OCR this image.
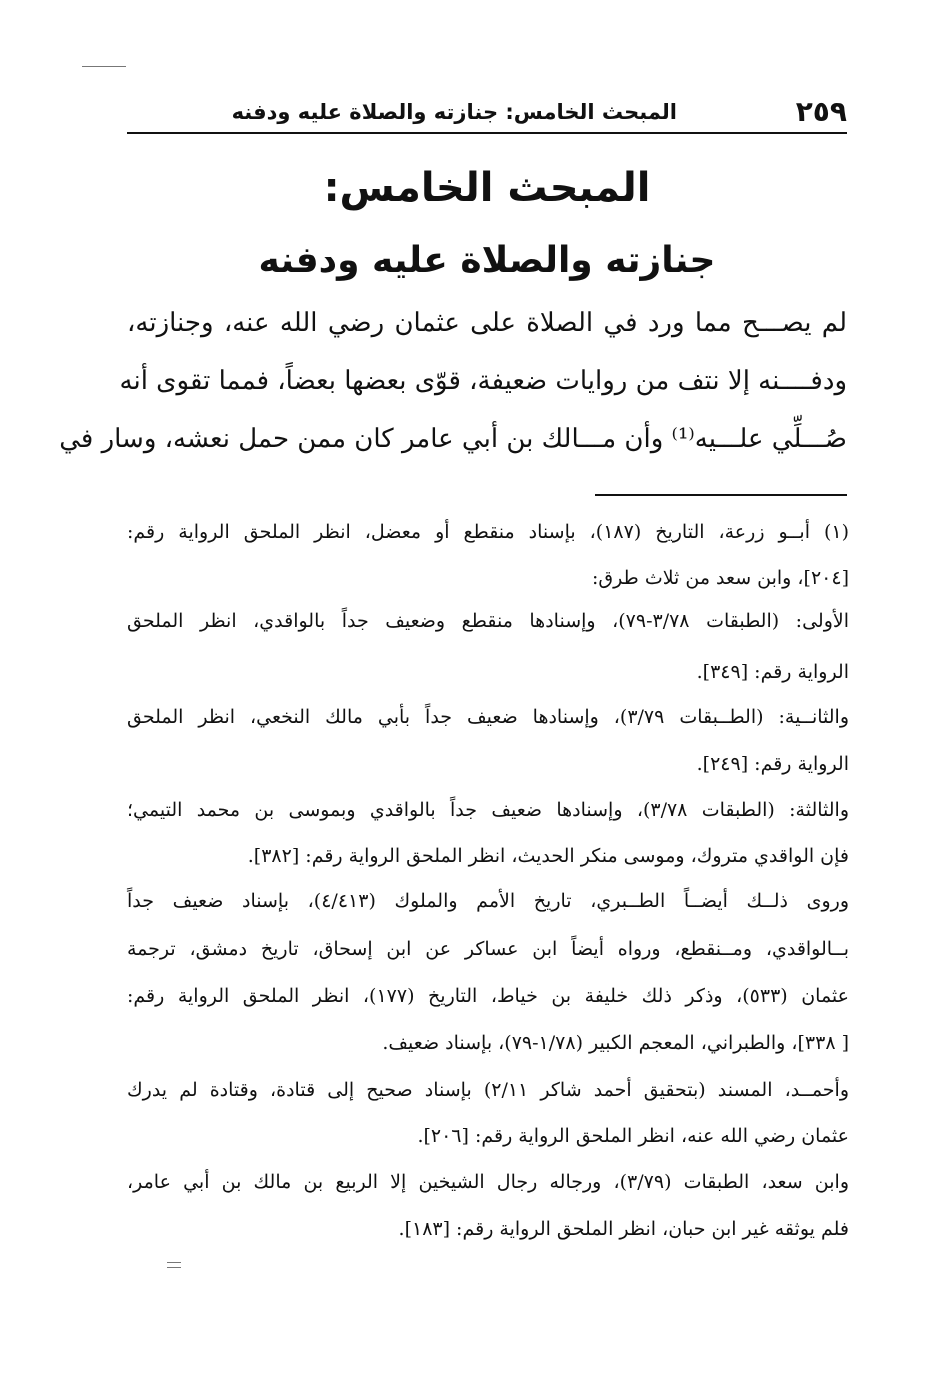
٢٥٩
المبحث الخامس: جنازته والصلاة عليه ودفنه
المبحث الخامس:
جنازته والصلاة عليه ودفنه
لم يصـــح مما ورد في الصلاة على عثمان رضي الله عنه، وجنازته،
ودفــــنه إلا نتف من روايات ضعيفة، قوّى بعضها بعضاً، فمما تقوى أنه
صُـــلِّي علـــيه⁽¹⁾ وأن مـــالك بن أبي عامر كان ممن حمل نعشه، وسار في
(١) أبــو زرعة، التاريخ (١٨٧)، بإسناد منقطع أو معضل، انظر الملحق الرواية رقم:
[٢٠٤]، وابن سعد من ثلاث طرق:
الأولى: (الطبقات ٣/٧٨-٧٩)، وإسنادها منقطع وضعيف جداً بالواقدي، انظر الملحق
الرواية رقم: [٣٤٩].
والثانــية: (الطــبقات ٣/٧٩)، وإسنادها ضعيف جداً بأبي مالك النخعي، انظر الملحق
الرواية رقم: [٢٤٩].
والثالثة: (الطبقات ٣/٧٨)، وإسنادها ضعيف جداً بالواقدي وبموسى بن محمد التيمي؛
فإن الواقدي متروك، وموسى منكر الحديث، انظر الملحق الرواية رقم: [٣٨٢].
وروى ذلــك أيضــاً الطــبري، تاريخ الأمم والملوك (٤/٤١٣)، بإسناد ضعيف جداً
بــالواقدي، ومــنقطع، ورواه أيضاً ابن عساكر عن ابن إسحاق، تاريخ دمشق، ترجمة
عثمان (٥٣٣)، وذكر ذلك خليفة بن خياط، التاريخ (١٧٧)، انظر الملحق الرواية رقم:
[ ٣٣٨]، والطبراني، المعجم الكبير (١/٧٨-٧٩)، بإسناد ضعيف.
وأحمــد، المسند (بتحقيق أحمد شاكر ٢/١١) بإسناد صحيح إلى قتادة، وقتادة لم يدرك
عثمان رضي الله عنه، انظر الملحق الرواية رقم: [٢٠٦].
وابن سعد، الطبقات (٣/٧٩)، ورجاله رجال الشيخين إلا الربيع بن مالك بن أبي عامر،
فلم يوثقه غير ابن حبان، انظر الملحق الرواية رقم: [١٨٣].
